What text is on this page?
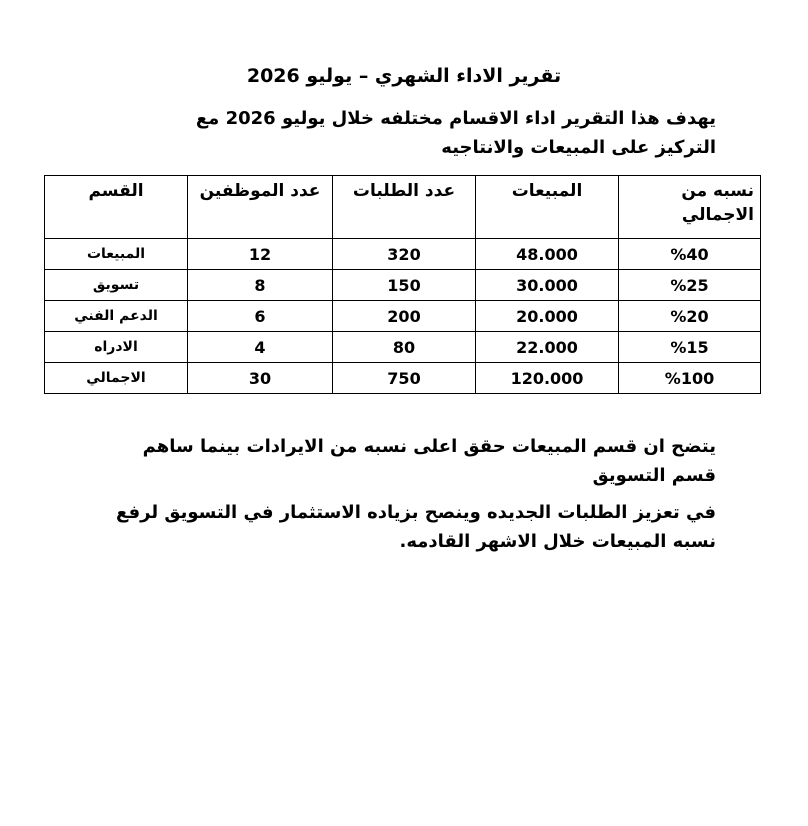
تقرير الاداء الشهري – يوليو 2026
يهدف هذا التقرير اداء الاقسام مختلفه خلال يوليو 2026 مع التركيز على المبيعات والانتاجيه
نسبه من الاجمالي	المبيعات	عدد الطلبات	عدد الموظفين	القسم
%40	48.000	320	12	المبيعات
%25	30.000	150	8	تسويق
%20	20.000	200	6	الدعم الفني
%15	22.000	80	4	الادراه
%100	120.000	750	30	الاجمالي

يتضح ان قسم المبيعات حقق اعلى نسبه من الايرادات بينما ساهم قسم التسويق

في تعزيز الطلبات الجديده وينصح بزياده الاستثمار في التسويق لرفع نسبه المبيعات خلال الاشهر القادمه.
